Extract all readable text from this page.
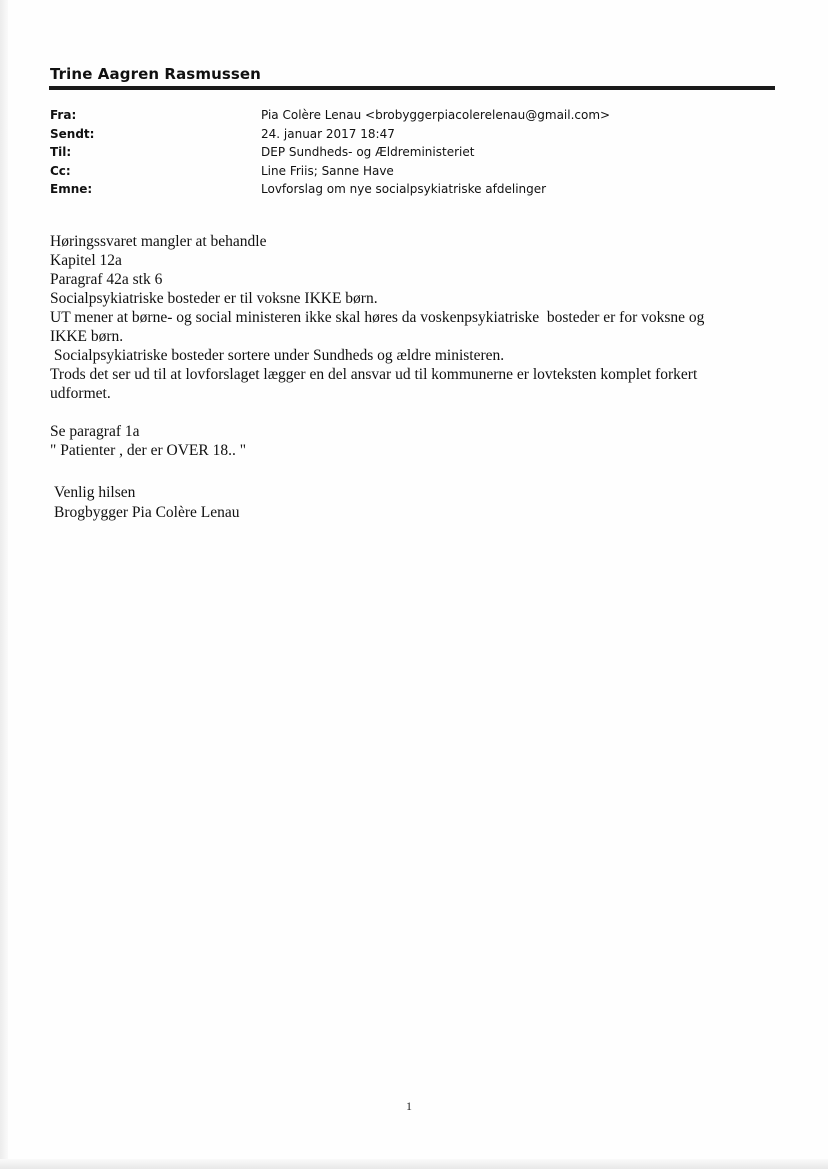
Trine Aagren Rasmussen
Fra:	Pia Colère Lenau <brobyggerpiacolerelenau@gmail.com>
Sendt:	24. januar 2017 18:47
Til:	DEP Sundheds- og Ældreministeriet
Cc:	Line Friis; Sanne Have
Emne:	Lovforslag om nye socialpsykiatriske afdelinger
Høringssvaret mangler at behandle
Kapitel 12a
Paragraf 42a stk 6
Socialpsykiatriske bosteder er til voksne IKKE børn.
UT mener at børne- og social ministeren ikke skal høres da voskenpsykiatriske  bosteder er for voksne og
IKKE børn.
Socialpsykiatriske bosteder sortere under Sundheds og ældre ministeren.
Trods det ser ud til at lovforslaget lægger en del ansvar ud til kommunerne er lovteksten komplet forkert
udformet.
Se paragraf 1a
" Patienter , der er OVER 18.. "
Venlig hilsen
Brogbygger Pia Colère Lenau
1
